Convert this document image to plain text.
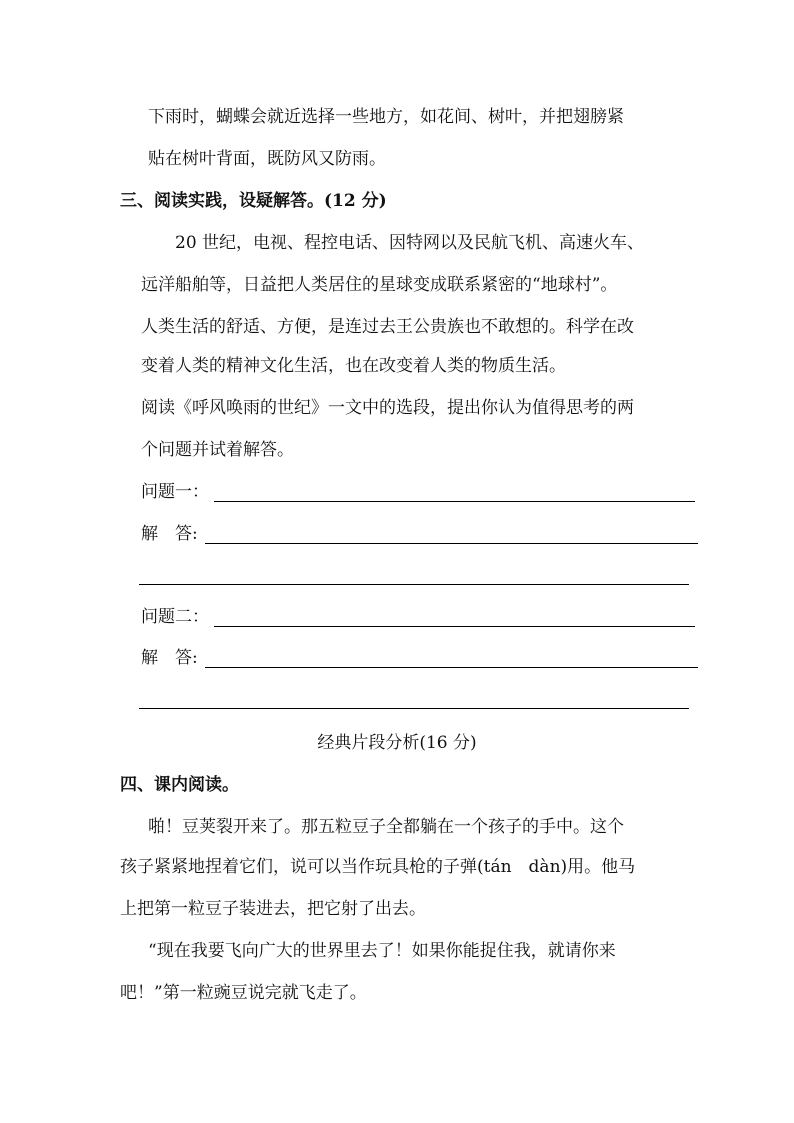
下雨时，蝴蝶会就近选择一些地方，如花间、树叶，并把翅膀紧
贴在树叶背面，既防风又防雨。
三、阅读实践，设疑解答。(12 分)
20 世纪，电视、程控电话、因特网以及民航飞机、高速火车、
远洋船舶等，日益把人类居住的星球变成联系紧密的“地球村”。
人类生活的舒适、方便，是连过去王公贵族也不敢想的。科学在改
变着人类的精神文化生活，也在改变着人类的物质生活。
阅读《呼风唤雨的世纪》一文中的选段，提出你认为值得思考的两
个问题并试着解答。
问题一：
解　答:
问题二：
解　答:
经典片段分析(16 分)
四、课内阅读。
啪！豆荚裂开来了。那五粒豆子全都躺在一个孩子的手中。这个
孩子紧紧地捏着它们，说可以当作玩具枪的子弹(tán　dàn)用。他马
上把第一粒豆子装进去，把它射了出去。
“现在我要飞向广大的世界里去了！如果你能捉住我，就请你来
吧！”第一粒豌豆说完就飞走了。
